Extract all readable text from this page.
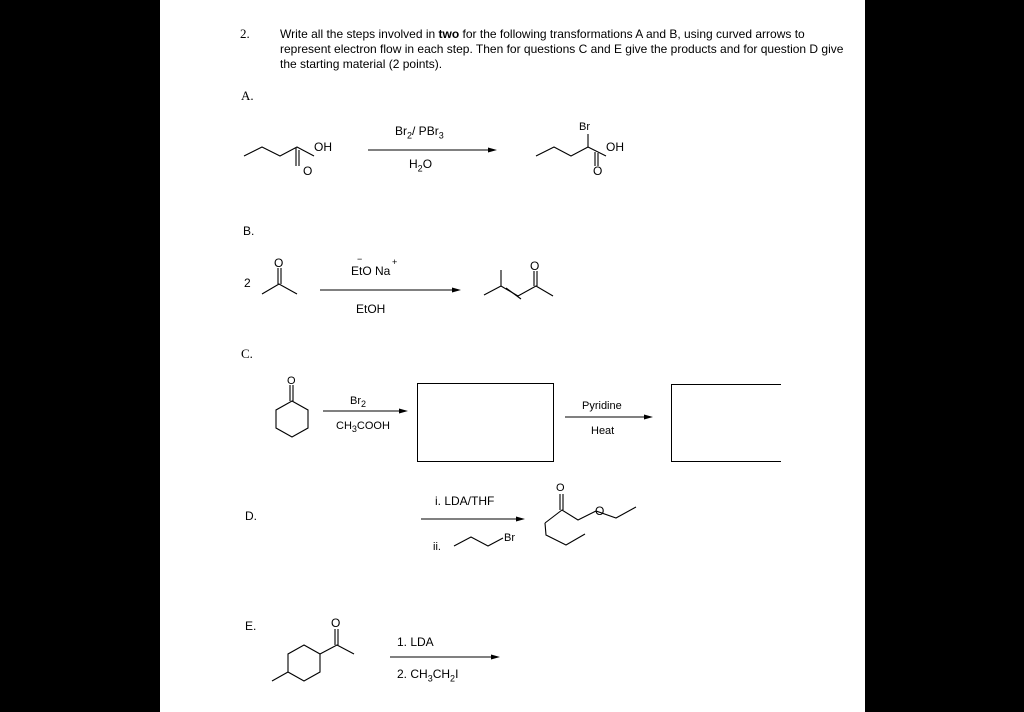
2.	Write all the steps involved in two for the following transformations A and B, using curved arrows to represent electron flow in each step. Then for questions C and E give the products and for question D give the starting material (2 points).
A.
B.
C.
D.
E.
OH
O
$Br_2/$ PBr$_3$
$H_2O$
Br
OH
O
2
O
EtO Na
−	+
EtOH
O
O
$Br_2$
$CH_3COOH$
Pyridine
Heat
i. LDA/THF
ii.
Br
O
O
O
1. LDA
2. $CH_3CH_2I$
